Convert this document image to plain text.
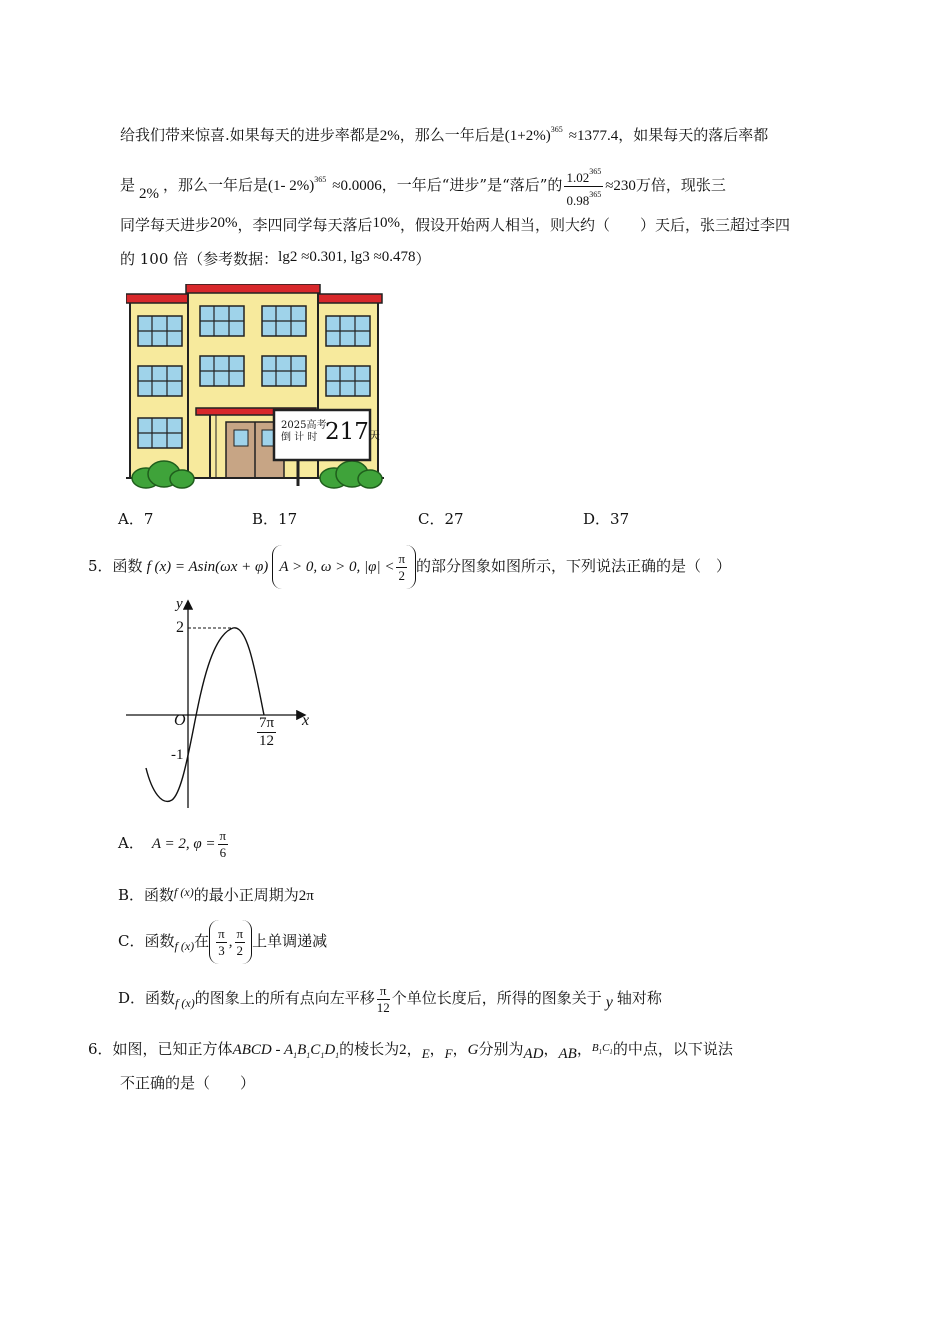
给我们带来惊喜.如果每天的进步率都是2%，那么一年后是$(1+2\%)^{365} \approx 1377.4$，如果每天的落后率都
是 2% ，那么一年后是(1- 2%)$^{365}$ ≈0.0006，一年后“进步”是“落后”的 $\frac{1.02^{365}}{0.98^{365}} \approx 230$万倍，现张三
同学每天进步20%，李四同学每天落后10%，假设开始两人相当，则大约（　　）天后，张三超过李四
的 100 倍（参考数据：lg2 ≈0.301, lg3 ≈0.478）
2025高考
倒 计 时 217天
A．7	B．17	C．27	D．37
5．函数 f (x) = Asin(ωx + φ) A > 0, ω > 0, $|\varphi| < \frac{\pi}{2}$ 的部分图象如图所示，下列说法正确的是（　）
y
2
O	x
-1
7π
12
A． A = 2, $\varphi = \frac{\pi}{6}$
B．函数$^{f (x)}$的最小正周期为2π
C．函数$_{f (x)}$在 $\frac{\pi}{3}$ , $\frac{\pi}{2}$ 上单调递减
D．函数$_{f (x)}$的图象上的所有点向左平移 $\frac{\pi}{12}$ 个单位长度后，所得的图象关于 $_y$ 轴对称
6．如图，已知正方体ABCD - $A_1B_1C_1D_1$的棱长为2，$_E$，$_F$，G分别为$_{AD}$，$_{AB}$，$^{B_1C_1}$的中点，以下说法
不正确的是（　　）
